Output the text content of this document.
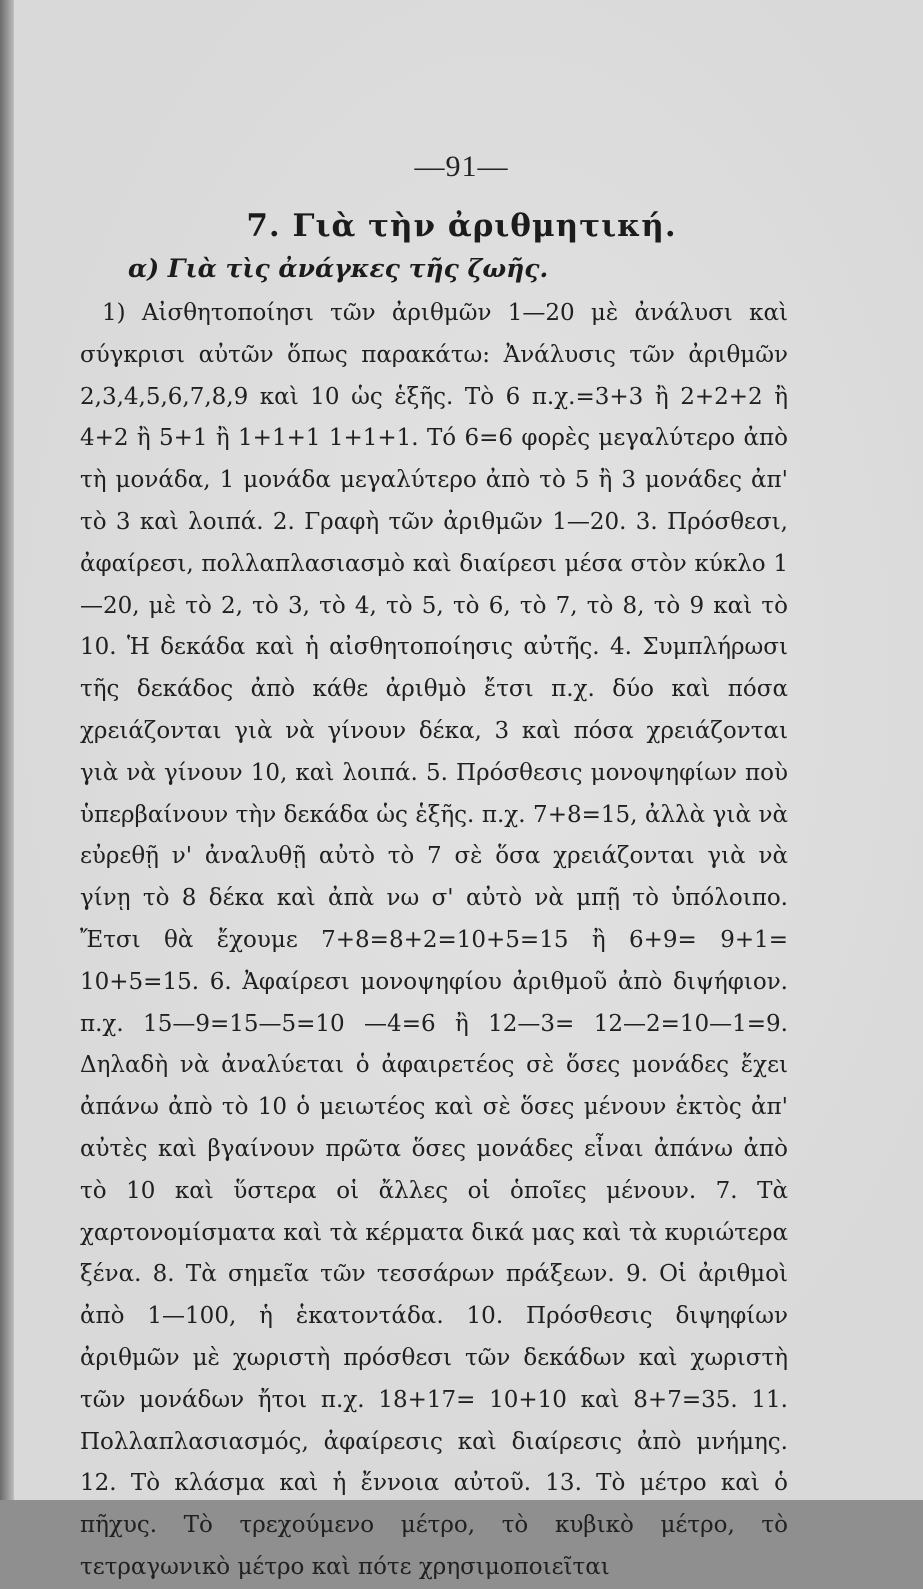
—91—
7. Γιὰ τὴν ἀριθμητική.
α) Γιὰ τὶς ἀνάγκες τῆς ζωῆς.

1) Αἰσθητοποίησι τῶν ἀριθμῶν 1—20 μὲ ἀνάλυσι καὶ σύγκρισι αὐτῶν ὅπως παρακάτω: Ἀνάλυσις τῶν ἀριθμῶν 2,3,4,5,6,7,8,9 καὶ 10 ὡς ἑξῆς. Τὸ 6 π.χ.=3+3 ἢ 2+2+2 ἢ 4+2 ἢ 5+1 ἢ 1+1+1 1+1+1. Τό 6=6 φορὲς μεγαλύτερο ἀπὸ τὴ μονάδα, 1 μονάδα μεγαλύτερο ἀπὸ τὸ 5 ἢ 3 μονάδες ἀπ' τὸ 3 καὶ λοιπά. 2. Γραφὴ τῶν ἀριθμῶν 1—20. 3. Πρόσθεσι, ἀφαίρεσι, πολλαπλασιασμὸ καὶ διαίρεσι μέσα στὸν κύκλο 1—20, μὲ τὸ 2, τὸ 3, τὸ 4, τὸ 5, τὸ 6, τὸ 7, τὸ 8, τὸ 9 καὶ τὸ 10. Ἡ δεκάδα καὶ ἡ αἰσθητοποίησις αὐτῆς. 4. Συμπλήρωσι τῆς δεκάδος ἀπὸ κάθε ἀριθμὸ ἔτσι π.χ. δύο καὶ πόσα χρειάζονται γιὰ νὰ γίνουν δέκα, 3 καὶ πόσα χρειάζονται γιὰ νὰ γίνουν 10, καὶ λοιπά. 5. Πρόσθεσις μονοψηφίων ποὺ ὑπερβαίνουν τὴν δεκάδα ὡς ἑξῆς. π.χ. 7+8=15, ἀλλὰ γιὰ νὰ εὐρεθῇ ν' ἀναλυθῇ αὐτὸ τὸ 7 σὲ ὅσα χρειάζονται γιὰ νὰ γίνῃ τὸ 8 δέκα καὶ ἀπὰ νω σ' αὐτὸ νὰ μπῇ τὸ ὑπόλοιπο. Ἔτσι θὰ ἔχουμε 7+8=8+2=10+5=15 ἢ 6+9= 9+1= 10+5=15. 6. Ἀφαίρεσι μονοψηφίου ἀριθμοῦ ἀπὸ διψήφιον. π.χ. 15—9=15—5=10 —4=6 ἢ 12—3= 12—2=10—1=9. Δηλαδὴ νὰ ἀναλύεται ὁ ἀφαιρετέος σὲ ὅσες μονάδες ἔχει ἀπάνω ἀπὸ τὸ 10 ὁ μειωτέος καὶ σὲ ὅσες μένουν ἐκτὸς ἀπ' αὐτὲς καὶ βγαίνουν πρῶτα ὅσες μονάδες εἶναι ἀπάνω ἀπὸ τὸ 10 καὶ ὕστερα οἱ ἄλλες οἱ ὁποῖες μένουν. 7. Τὰ χαρτονομίσματα καὶ τὰ κέρματα δικά μας καὶ τὰ κυριώτερα ξένα. 8. Τὰ σημεῖα τῶν τεσσάρων πράξεων. 9. Οἱ ἀριθμοὶ ἀπὸ 1—100, ἡ ἑκατοντάδα. 10. Πρόσθεσις διψηφίων ἀριθμῶν μὲ χωριστὴ πρόσθεσι τῶν δεκάδων καὶ χωριστὴ τῶν μονάδων ἤτοι π.χ. 18+17= 10+10 καὶ 8+7=35. 11. Πολλαπλασιασμός, ἀφαίρεσις καὶ διαίρεσις ἀπὸ μνήμης. 12. Τὸ κλάσμα καὶ ἡ ἔννοια αὐτοῦ. 13. Τὸ μέτρο καὶ ὁ πῆχυς. Τὸ τρεχούμενο μέτρο, τὸ κυβικὸ μέτρο, τὸ τετραγωνικὸ μέτρο καὶ πότε χρησιμοποιεῖται
